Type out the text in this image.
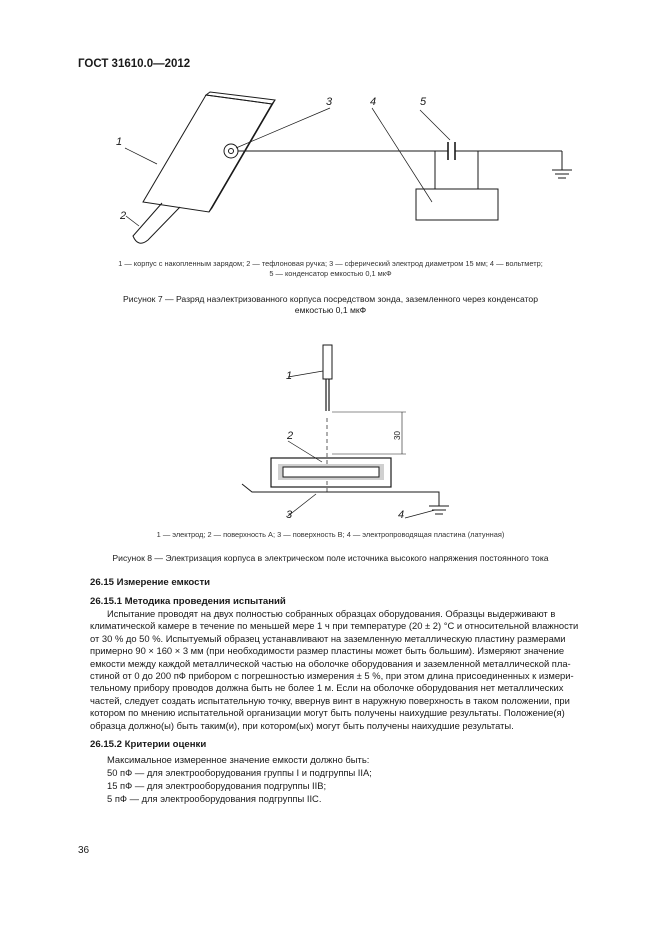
ГОСТ 31610.0—2012
1
2
3	4	5
1 — корпус с накопленным зарядом; 2 — тефлоновая ручка; 3 — сферический электрод диаметром 15 мм; 4 — вольтметр;
5 — конденсатор емкостью 0,1 мкФ
Рисунок 7 — Разряд наэлектризованного корпуса посредством зонда, заземленного через конденсатор
емкостью 0,1 мкФ
30
1
2
3	4
1 — электрод; 2 — поверхность А; 3 — поверхность В; 4 — электропроводящая пластина (латунная)
Рисунок 8 — Электризация корпуса в электрическом поле источника высокого напряжения постоянного тока
26.15 Измерение емкости
26.15.1 Методика проведения испытаний
Испытание проводят на двух полностью собранных образцах оборудования. Образцы выдерживают в
климатической камере в течение по меньшей мере 1 ч при температуре (20 ± 2) °С и относительной влажности
от 30 % до 50 %. Испытуемый образец устанавливают на заземленную металлическую пластину размерами
примерно 90 × 160 × 3 мм (при необходимости размер пластины может быть большим). Измеряют значение
емкости между каждой металлической частью на оболочке оборудования и заземленной металлической пла-
стиной от 0 до 200 пФ прибором с погрешностью измерения ± 5 %, при этом длина присоединенных к измери-
тельному прибору проводов должна быть не более 1 м. Если на оболочке оборудования нет металлических
частей, следует создать испытательную точку, ввернув винт в наружную поверхность в таком положении, при
котором по мнению испытательной организации могут быть получены наихудшие результаты. Положение(я)
образца должно(ы) быть таким(и), при котором(ых) могут быть получены наихудшие результаты.
26.15.2 Критерии оценки
Максимальное измеренное значение емкости должно быть:
50 пФ — для электрооборудования группы I и подгруппы IIA;
15 пФ — для электрооборудования подгруппы IIB;
5 пФ — для электрооборудования подгруппы IIC.
36
